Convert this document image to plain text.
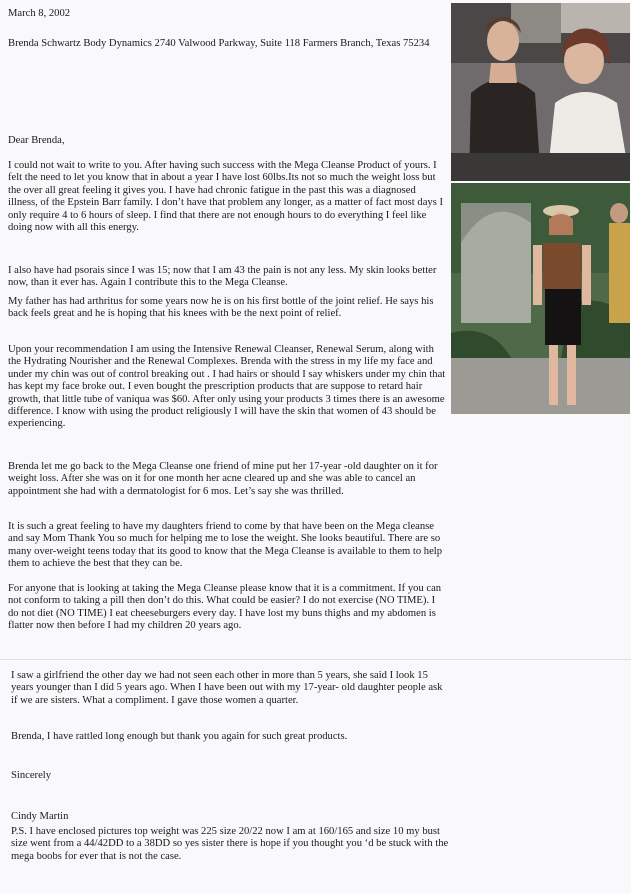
March 8, 2002
Brenda Schwartz Body Dynamics 2740 Valwood Parkway, Suite 118 Farmers Branch, Texas 75234
Dear Brenda,
I could not wait to write to you. After having such success with the Mega Cleanse Product of yours. I felt the need to let you know that in about a year I have lost 60lbs.Its not so much the weight loss but the over all great feeling it gives you. I have had chronic fatigue in the past this was a diagnosed illness, of the Epstein Barr family. I don’t have that problem any longer, as a matter of fact most days I only require 4 to 6 hours of sleep. I find that there are not enough hours to do everything I feel like doing now with all this energy.
I also have had psorais since I was 15; now that I am 43 the pain is not any less. My skin looks better now, than it ever has. Again I contribute this to the Mega Cleanse.
My father has had arthritus for some years now he is on his first bottle of the joint relief. He says his back feels great and he is hoping that his knees with be the next point of relief.
Upon your recommendation I am using the Intensive Renewal Cleanser, Renewal Serum, along with the Hydrating Nourisher and the Renewal Complexes. Brenda with the stress in my life my face and under my chin was out of control breaking out . I had hairs or should I say whiskers under my chin that has kept my face broke out. I even bought the prescription products that are suppose to retard hair growth, that little tube of vaniqua was $60. After only using your products 3 times there is an awesome difference. I know with using the product religiously I will have the skin that women of 43 should be experiencing.
Brenda let me go back to the Mega Cleanse one friend of mine put her 17-year -old daughter on it for weight loss. After she was on it for one month her acne cleared up and she was able to cancel an appointment she had with a dermatologist for 6 mos. Let’s say she was thrilled.
It is such a great feeling to have my daughters friend to come by that have been on the Mega cleanse and say Mom Thank You so much for helping me to lose the weight. She looks beautiful. There are so many over-weight teens today that its good to know that the Mega Cleanse is available to them to help them to achieve the best that they can be.
For anyone that is looking at taking the Mega Cleanse please know that it is a commitment. If you can not conform to taking a pill then don’t do this. What could be easier? I do not exercise (NO TIME). I do not diet (NO TIME) I eat cheeseburgers every day. I have lost my buns thighs and my abdomen is flatter now then before I had my children 20 years ago.
I saw a girlfriend the other day we had not seen each other in more than 5 years, she said I look 15 years younger than I did 5 years ago. When I have been out with my 17-year- old daughter people ask if we are sisters. What a compliment. I gave those women a quarter.
Brenda, I have rattled long enough but thank you again for such great products.
Sincerely
Cindy Martin
P.S. I have enclosed pictures top weight was 225 size 20/22 now I am at 160/165 and size 10 my bust size went from a 44/42DD to a 38DD so yes sister there is hope if you thought you ‘d be stuck with the mega boobs for ever that is not the case.
